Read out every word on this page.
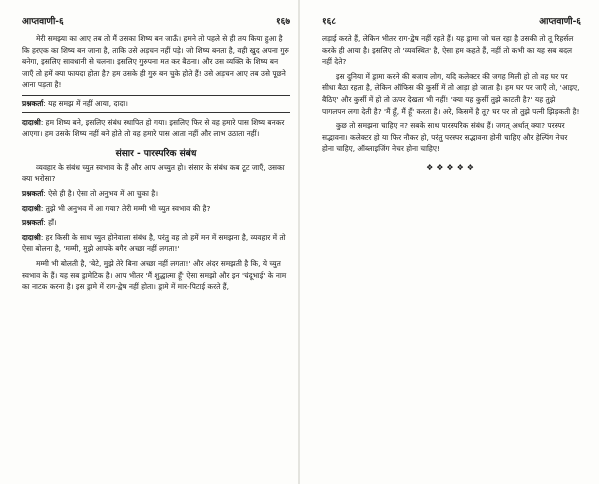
आप्तवाणी-६	१६७

मेरी समझ्या का आए तब तो मैं उसका शिष्य बन जाऊँ। हमने तो पहले से ही तय किया हुआ है कि हरएक का शिष्य बन जाना है, ताकि उसे अड़चन नहीं पड़े। जो शिष्य बनता है, वही खुद अपना गुरु बनेगा, इसलिए सावधानी से चलना। इसलिए गुरुपना मत कर बैठना। और उस व्यक्ति के शिष्य बन जाएँ तो हमें क्या फायदा होता है? हम उसके ही गुरु बन चुके होते हैं! उसे अड़चन आए तब उसे पूछने आना पड़ता है!

प्रश्नकर्ता: यह समझ में नहीं आया, दादा।

दादाश्री: हम शिष्य बने, इसलिए संबंध स्थापित हो गया। इसलिए फिर से वह हमारे पास शिष्य बनकर आएगा। हम उसके शिष्य नहीं बने होते तो वह हमारे पास आता नहीं और लाभ उठाता नहीं।

संसार - पारस्परिक संबंध

व्यवहार के संबंध च्युत स्वभाव के हैं और आप अच्युत हो। संसार के संबंध कब टूट जाएँ, उसका क्या भरोसा?

प्रश्नकर्ता: ऐसे ही है। ऐसा तो अनुभव में आ चुका है।

दादाश्री: तुझे भी अनुभव में आ गया? तेरी मम्मी भी च्युत स्वभाव की है?

प्रश्नकर्ता: हाँ।

दादाश्री: हर किसी के साथ च्युत होनेवाला संबंध है, परंतु वह तो हमें मन में समझना है, व्यवहार में तो ऐसा बोलना है, 'मम्मी, मुझे आपके बगैर अच्छा नहीं लगता!'

मम्मी भी बोलती है, 'बेटे, मुझे तेरे बिना अच्छा नहीं लगता!' और अंदर समझती है कि, ये च्युत स्वभाव के हैं। यह सब ड्रामेटिक है। आप भीतर 'मैं शुद्धात्मा हूँ' ऐसा समझो और इन 'चंदूभाई' के नाम का नाटक करना है। इस ड्रामे में राग-द्वेष नहीं होता। ड्रामे में मार-पिटाई करते हैं,

१६८	आप्तवाणी-६

लड़ाई करते हैं, लेकिन भीतर राग-द्वेष नहीं रहते हैं। यह ड्रामा जो चल रहा है उसकी तो तू रिहर्सल करके ही आया है। इसलिए तो 'व्यवस्थित' है, ऐसा हम कहते हैं, नहीं तो कभी का यह सब बदल नहीं देते?

इस दुनिया में ड्रामा करने की बजाय लोग, यदि कलेक्टर की जगह मिली हो तो वह घर पर सीधा बैठा रहता है, लेकिन ऑफिस की कुर्सी में तो आड़ा हो जाता है। हम घर पर जाएँ तो, 'आइए, बैठिए' और कुर्सी में हो तो ऊपर देखता भी नहीं! 'क्या यह कुर्सी तुझे काटती है?' यह तुझे पागलपन लगा देती है? 'मैं हूँ, मैं हूँ' करता है। अरे, किसमें है तू? घर पर तो तुझे पत्नी झिड़कती है!

कुछ तो समझना चाहिए न? सबके साथ पारस्परिक संबंध हैं। जगत् अर्थात् क्या? परस्पर सद्भावना। कलेक्टर हो या फिर नौकर हो, परंतु परस्पर सद्भावना होनी चाहिए और हेल्पिंग नेचर होना चाहिए, ऑब्लाइजिंग नेचर होना चाहिए!

❖❖❖❖❖
